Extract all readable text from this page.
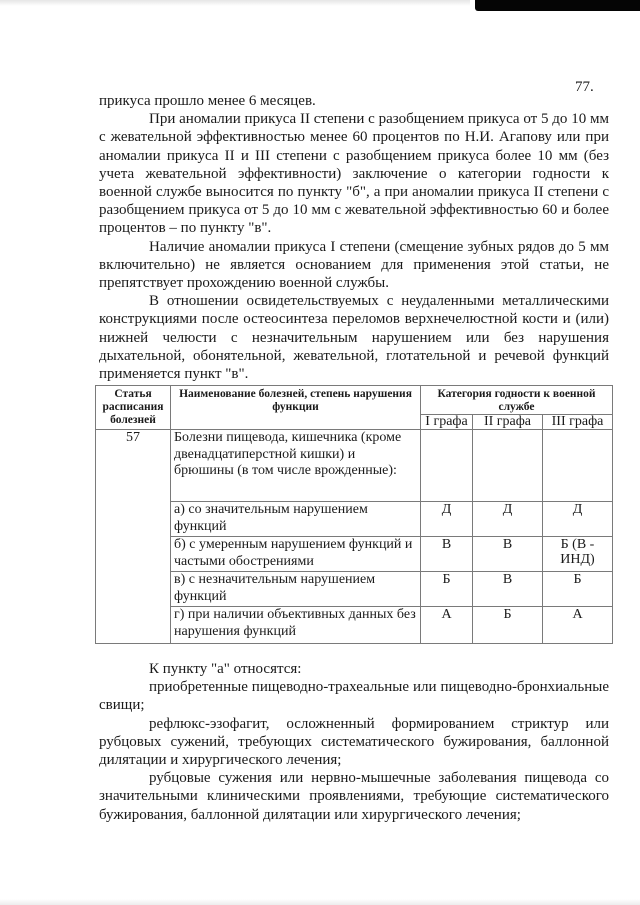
77.

прикуса прошло менее 6 месяцев.

При аномалии прикуса II степени с разобщением прикуса от 5 до 10 мм с жевательной эффективностью менее 60 процентов по Н.И. Агапову или при аномалии прикуса II и III степени с разобщением прикуса более 10 мм (без учета жевательной эффективности) заключение о категории годности к военной службе выносится по пункту "б", а при аномалии прикуса II степени с разобщением прикуса от 5 до 10 мм с жевательной эффективностью 60 и более процентов – по пункту "в".

Наличие аномалии прикуса I степени (смещение зубных рядов до 5 мм включительно) не является основанием для применения этой статьи, не препятствует прохождению военной службы.

В отношении освидетельствуемых с неудаленными металлическими конструкциями после остеосинтеза переломов верхнечелюстной кости и (или) нижней челюсти с незначительным нарушением или без нарушения дыхательной, обонятельной, жевательной, глотательной и речевой функций применяется пункт "в".

Статья расписания болезней	Наименование болезней, степень нарушения функции	Категория годности к военной службе		
		I графа	II графа	III графа
57	Болезни пищевода, кишечника (кроме двенадцатиперстной кишки) и брюшины (в том числе врожденные):			
	а) со значительным нарушением функций	Д	Д	Д
	б) с умеренным нарушением функций и частыми обострениями	В	В	Б (В - ИНД)
	в) с незначительным нарушением функций	Б	В	Б
	г) при наличии объективных данных без нарушения функций	А	Б	А

К пункту "а" относятся:

приобретенные пищеводно-трахеальные или пищеводно-бронхиальные свищи;

рефлюкс-эзофагит, осложненный формированием стриктур или рубцовых сужений, требующих систематического бужирования, баллонной дилятации и хирургического лечения;

рубцовые сужения или нервно-мышечные заболевания пищевода со значительными клиническими проявлениями, требующие систематического бужирования, баллонной дилятации или хирургического лечения;
